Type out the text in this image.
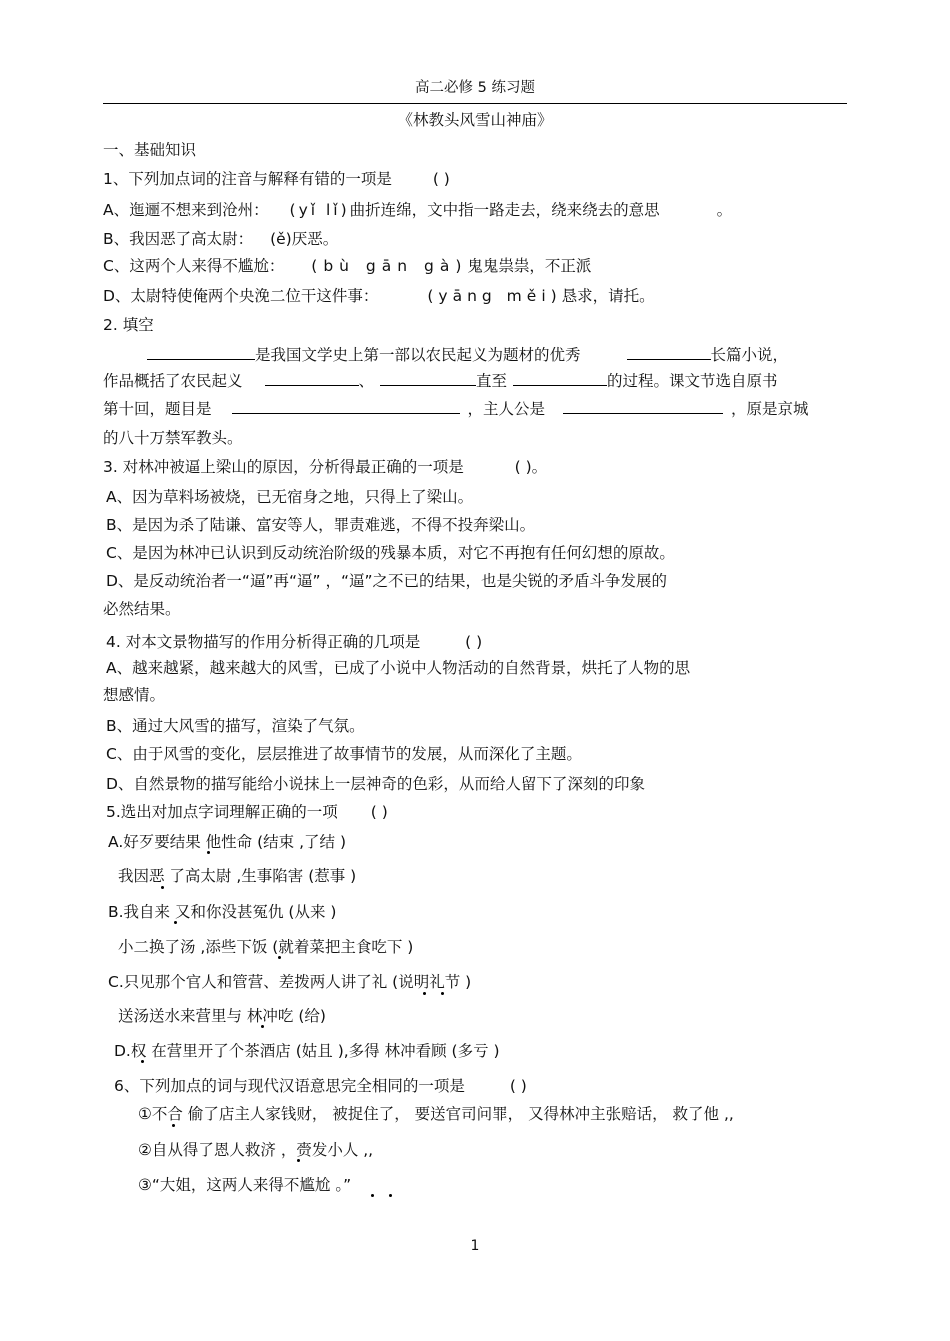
高二必修 5 练习题
《林教头风雪山神庙》
一、基础知识
1、下列加点词的注音与解释有错的一项是	( )
A、迤逦不想来到沧州： (yǐ lǐ)曲折连绵，文中指一路走去，绕来绕去的意思	。
B、我因恶了高太尉： (ě)厌恶。
C、这两个人来得不尴尬： (bù gān gà)鬼鬼祟祟，不正派
D、太尉特使俺两个央浼二位干这件事：	(yāng měi)恳求，请托。
2. 填空
是我国文学史上第一部以农民起义为题材的优秀	长篇小说，
作品概括了农民起义	、	直至	的过程。课文节选自原书
第十回，题目是	，主人公是	，原是京城
的八十万禁军教头。
3. 对林冲被逼上梁山的原因，分析得最正确的一项是	( )。
A、因为草料场被烧，已无宿身之地，只得上了梁山。
B、是因为杀了陆谦、富安等人，罪责难逃，不得不投奔梁山。
C、是因为林冲已认识到反动统治阶级的残暴本质，对它不再抱有任何幻想的原故。
D、是反动统治者一“逼”再“逼” ，“逼”之不已的结果，也是尖锐的矛盾斗争发展的
必然结果。
4. 对本文景物描写的作用分析得正确的几项是	( )
A、越来越紧，越来越大的风雪，已成了小说中人物活动的自然背景，烘托了人物的思
想感情。
B、通过大风雪的描写，渲染了气氛。
C、由于风雪的变化，层层推进了故事情节的发展，从而深化了主题。
D、自然景物的描写能给小说抹上一层神奇的色彩，从而给人留下了深刻的印象
5.选出对加点字词理解正确的一项 ( )
A.好歹要结果 他性命 (结束 ,了结 )
我因恶 了高太尉 ,生事陷害 (惹事 )
B.我自来 又和你没甚冤仇 (从来 )
小二换了汤 ,添些下饭 (就着菜把主食吃下 )
C.只见那个官人和管营、差拨两人讲了礼 (说明礼节 )
送汤送水来营里与 林冲吃 (给)
D.权 在营里开了个茶酒店 (姑且 ),多得 林冲看顾 (多亏 )
6、下列加点的词与现代汉语意思完全相同的一项是	( )
①不合 偷了店主人家钱财， 被捉住了， 要送官司问罪， 又得林冲主张赔话， 救了他 ,,
②自从得了恩人救济 ，赍发小人 ,,
③“大姐，这两人来得不尴尬 。”
1
